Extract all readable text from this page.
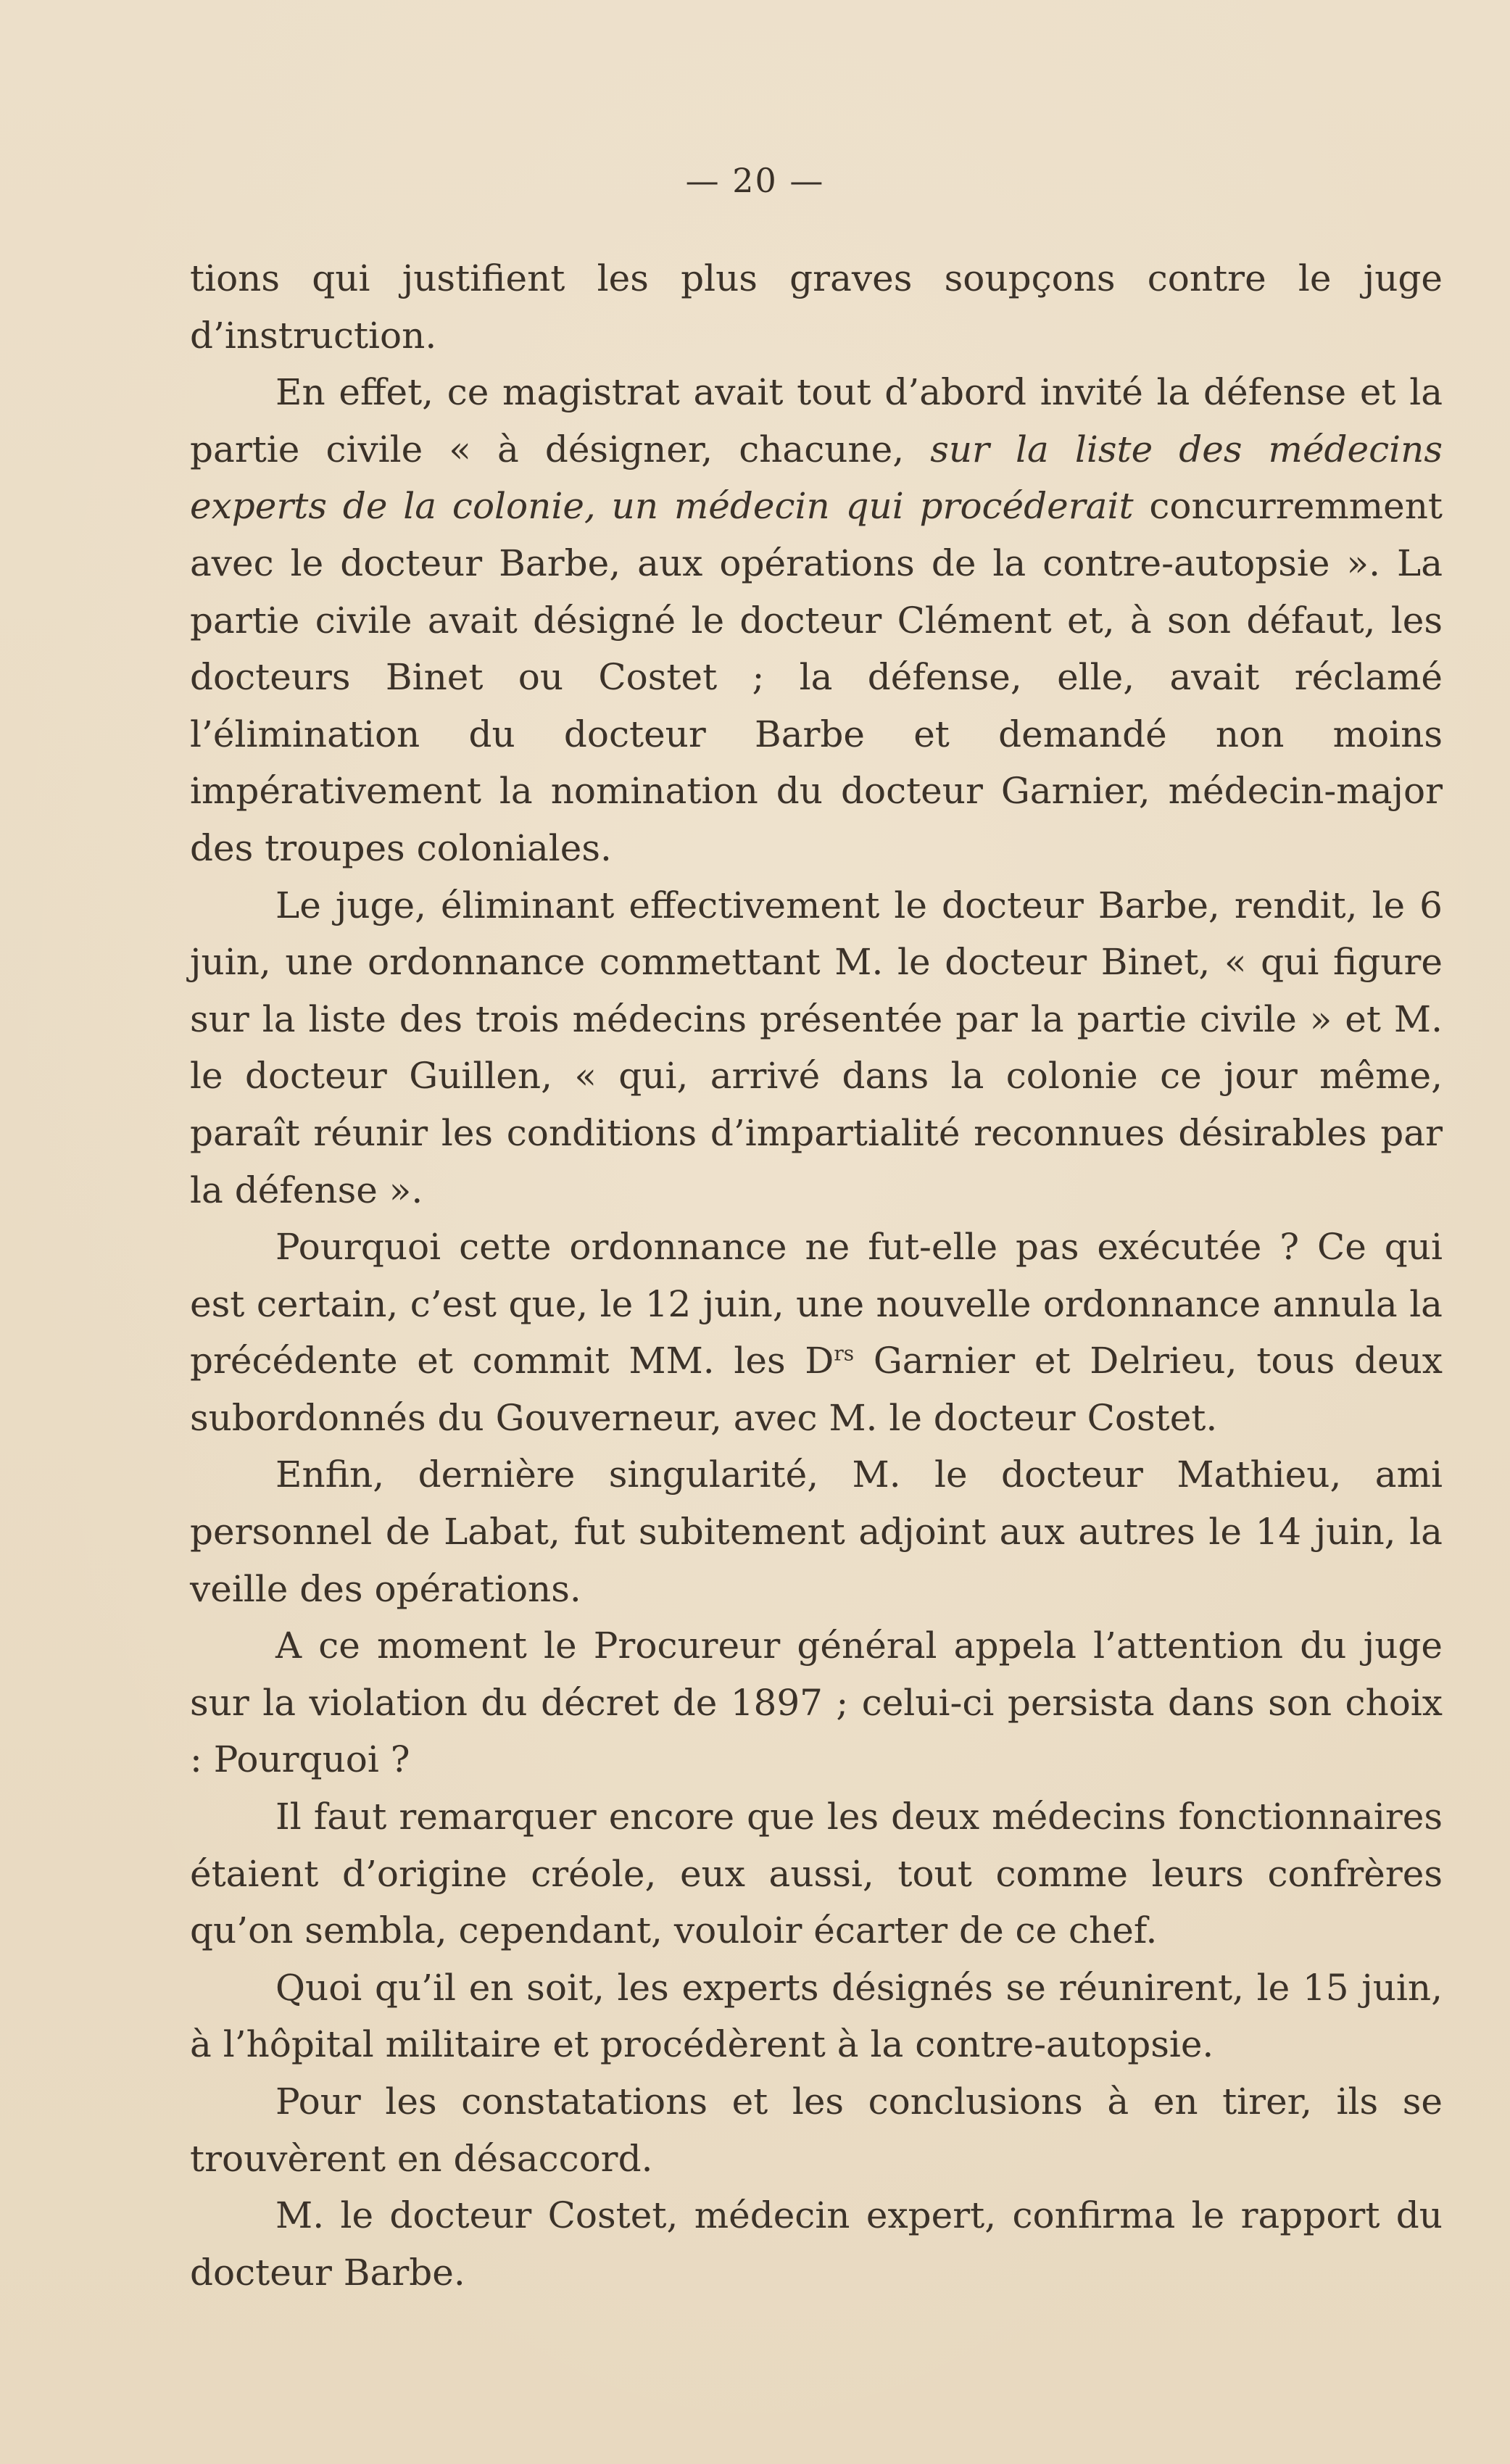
— 20 —

tions qui justifient les plus graves soupçons contre le juge d’instruction.

En effet, ce magistrat avait tout d’abord invité la défense et la partie civile « à désigner, chacune, sur la liste des médecins experts de la colonie, un médecin qui procéderait concurremment avec le docteur Barbe, aux opérations de la contre-autopsie ». La partie civile avait désigné le docteur Clément et, à son défaut, les docteurs Binet ou Costet ; la défense, elle, avait réclamé l’élimination du docteur Barbe et demandé non moins impérativement la nomination du docteur Garnier, médecin-major des troupes coloniales.

Le juge, éliminant effectivement le docteur Barbe, rendit, le 6 juin, une ordonnance commettant M. le docteur Binet, « qui figure sur la liste des trois médecins présentée par la partie civile » et M. le docteur Guillen, « qui, arrivé dans la colonie ce jour même, paraît réunir les conditions d’impartialité reconnues désirables par la défense ».

Pourquoi cette ordonnance ne fut-elle pas exécutée ? Ce qui est certain, c’est que, le 12 juin, une nouvelle ordonnance annula la précédente et commit MM. les $D^{rs}$ Garnier et Delrieu, tous deux subordonnés du Gouverneur, avec M. le docteur Costet.

Enfin, dernière singularité, M. le docteur Mathieu, ami personnel de Labat, fut subitement adjoint aux autres le 14 juin, la veille des opérations.

A ce moment le Procureur général appela l’attention du juge sur la violation du décret de 1897 ; celui-ci persista dans son choix : Pourquoi ?

Il faut remarquer encore que les deux médecins fonctionnaires étaient d’origine créole, eux aussi, tout comme leurs confrères qu’on sembla, cependant, vouloir écarter de ce chef.

Quoi qu’il en soit, les experts désignés se réunirent, le 15 juin, à l’hôpital militaire et procédèrent à la contre-autopsie.

Pour les constatations et les conclusions à en tirer, ils se trouvèrent en désaccord.

M. le docteur Costet, médecin expert, confirma le rapport du docteur Barbe.
